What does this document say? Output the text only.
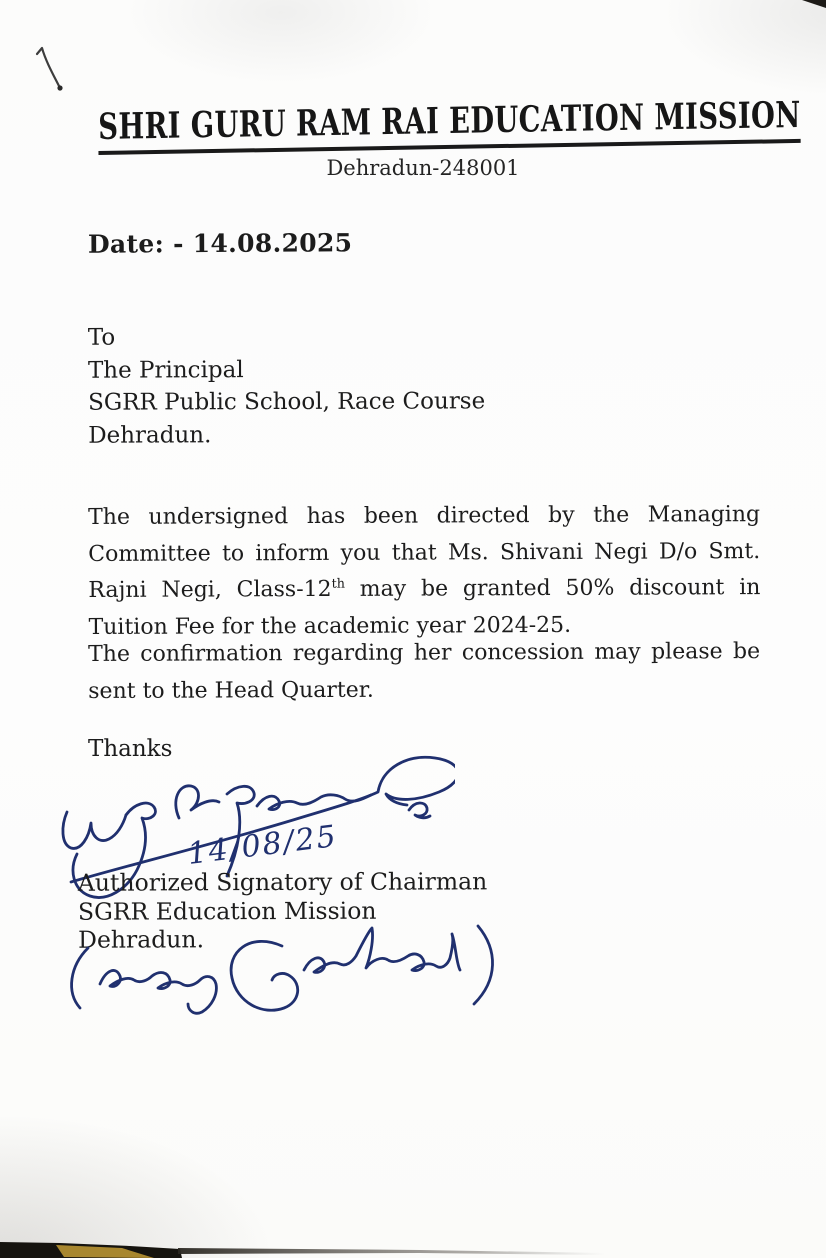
SHRI GURU RAM RAI EDUCATION MISSION
Dehradun-248001
Date: - 14.08.2025
To
The Principal
SGRR Public School, Race Course
Dehradun.

The undersigned has been directed by the Managing Committee to inform you that Ms. Shivani Negi D/o Smt. Rajni Negi, Class-12th may be granted 50% discount in Tuition Fee for the academic year 2024-25.

The confirmation regarding her concession may please be sent to the Head Quarter.

Thanks
14/08/25
Authorized Signatory of Chairman
SGRR Education Mission
Dehradun.
